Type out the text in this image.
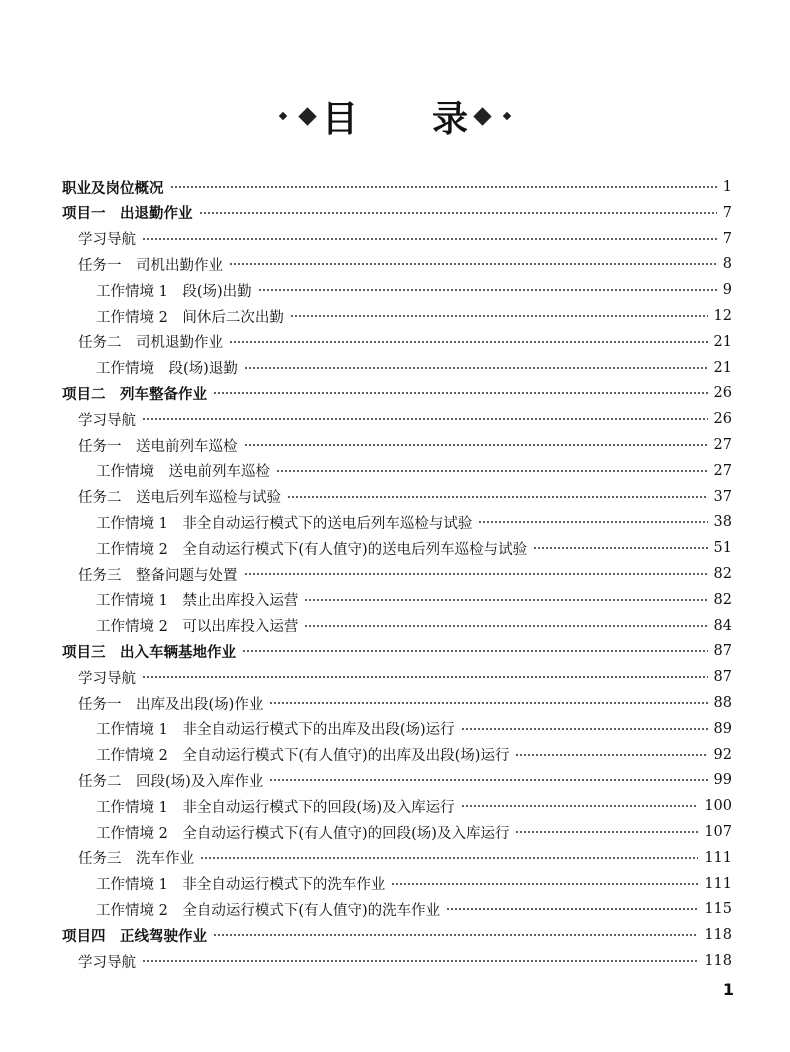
目 录
职业及岗位概况	1
项目一　出退勤作业	7
学习导航	7
任务一　司机出勤作业	8
工作情境 1　段(场)出勤	9
工作情境 2　间休后二次出勤	12
任务二　司机退勤作业	21
工作情境　段(场)退勤	21
项目二　列车整备作业	26
学习导航	26
任务一　送电前列车巡检	27
工作情境　送电前列车巡检	27
任务二　送电后列车巡检与试验	37
工作情境 1　非全自动运行模式下的送电后列车巡检与试验	38
工作情境 2　全自动运行模式下(有人值守)的送电后列车巡检与试验	51
任务三　整备问题与处置	82
工作情境 1　禁止出库投入运营	82
工作情境 2　可以出库投入运营	84
项目三　出入车辆基地作业	87
学习导航	87
任务一　出库及出段(场)作业	88
工作情境 1　非全自动运行模式下的出库及出段(场)运行	89
工作情境 2　全自动运行模式下(有人值守)的出库及出段(场)运行	92
任务二　回段(场)及入库作业	99
工作情境 1　非全自动运行模式下的回段(场)及入库运行	100
工作情境 2　全自动运行模式下(有人值守)的回段(场)及入库运行	107
任务三　洗车作业	111
工作情境 1　非全自动运行模式下的洗车作业	111
工作情境 2　全自动运行模式下(有人值守)的洗车作业	115
项目四　正线驾驶作业	118
学习导航	118
1
